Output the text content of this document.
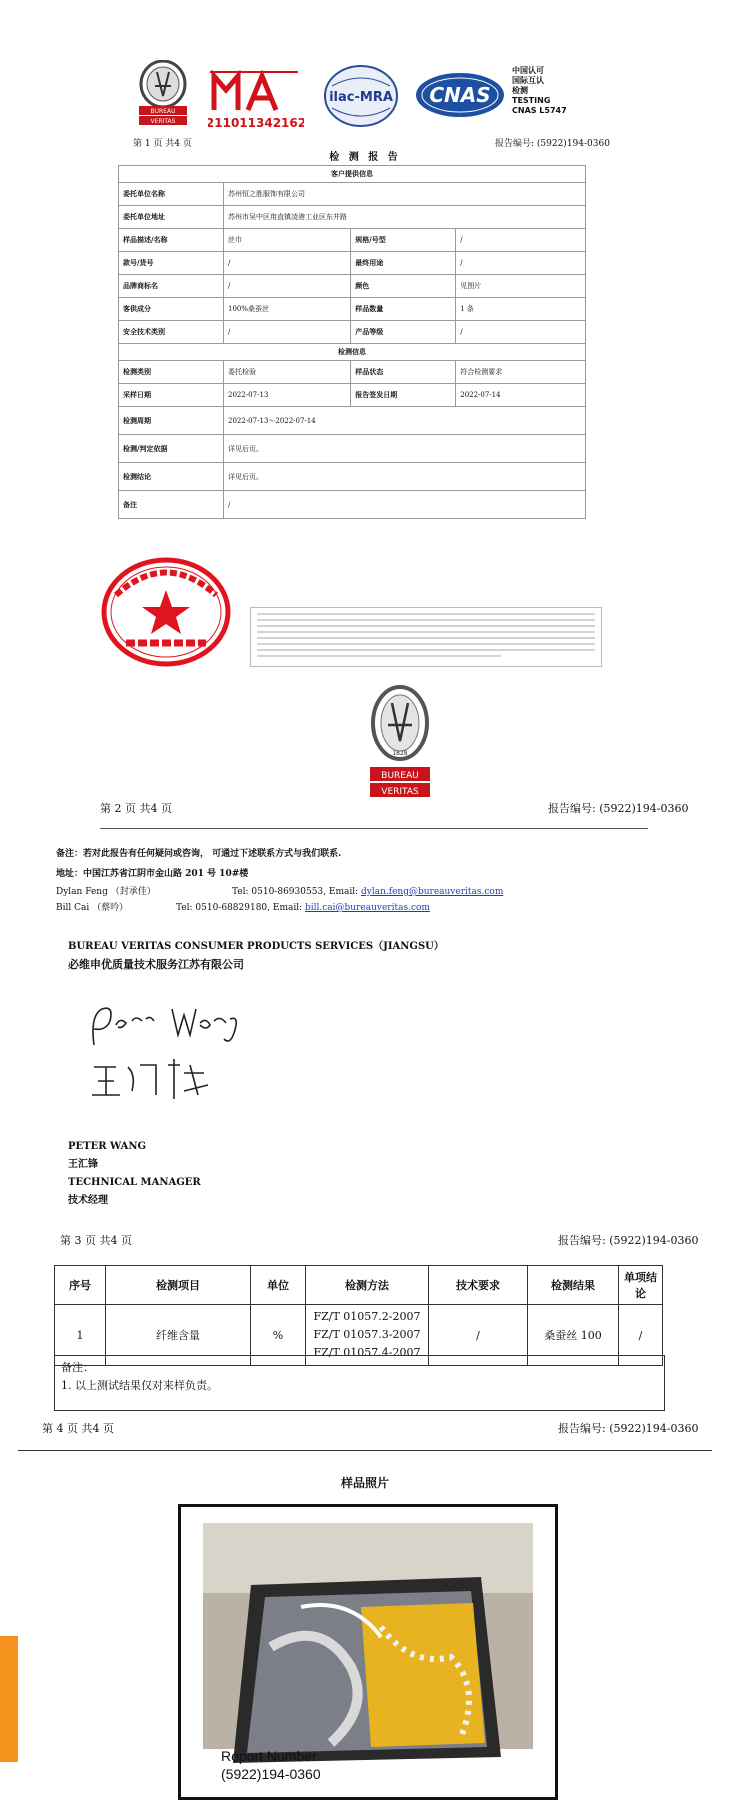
BUREAU
VERITAS	211011342162
ilac-MRA CNAS
中国认可
国际互认
检测
TESTING
CNAS L5747
第 1 页 共4 页	报告编号: (5922)194-0360
检 测 报 告
客户提供信息			
委托单位名称	苏州恒之胜服饰有限公司		
委托单位地址	苏州市吴中区甪直镇凌港工业区东井路		
样品描述/名称	丝巾	规格/号型	/
款号/货号	/	最终用途	/
品牌商标名	/	颜色	见图片
客供成分	100%桑蚕丝	样品数量	1 条
安全技术类别	/	产品等级	/
检测信息			
检测类别	委托检验	样品状态	符合检测要求
采样日期	2022-07-13	报告签发日期	2022-07-14
检测周期	2022-07-13～2022-07-14		
检测/判定依据	详见后页。		
检测结论	详见后页。		
备注	/		
1828
BUREAU
VERITAS
第 2 页 共4 页	报告编号: (5922)194-0360
备注：若对此报告有任何疑问或咨询， 可通过下述联系方式与我们联系.
地址：中国江苏省江阴市金山路 201 号 10#楼
Dylan Feng （封承佳）	Tel: 0510-86930553, Email: dylan.feng@bureauveritas.com
Bill Cai （蔡吟）	Tel: 0510-68829180, Email: bill.cai@bureauveritas.com
BUREAU VERITAS CONSUMER PRODUCTS SERVICES（JIANGSU）
必维申优质量技术服务江苏有限公司
PETER WANG
王汇锋
TECHNICAL MANAGER
技术经理
第 3 页 共4 页	报告编号: (5922)194-0360
序号	检测项目	单位	检测方法	技术要求	检测结果	单项结论
1	纤维含量	%	FZ/T 01057.2-2007
FZ/T 01057.3-2007
FZ/T 01057.4-2007	/	桑蚕丝 100	/
备注：
1. 以上测试结果仅对来样负责。
第 4 页 共4 页	报告编号: (5922)194-0360
样品照片
Report Number
(5922)194-0360
